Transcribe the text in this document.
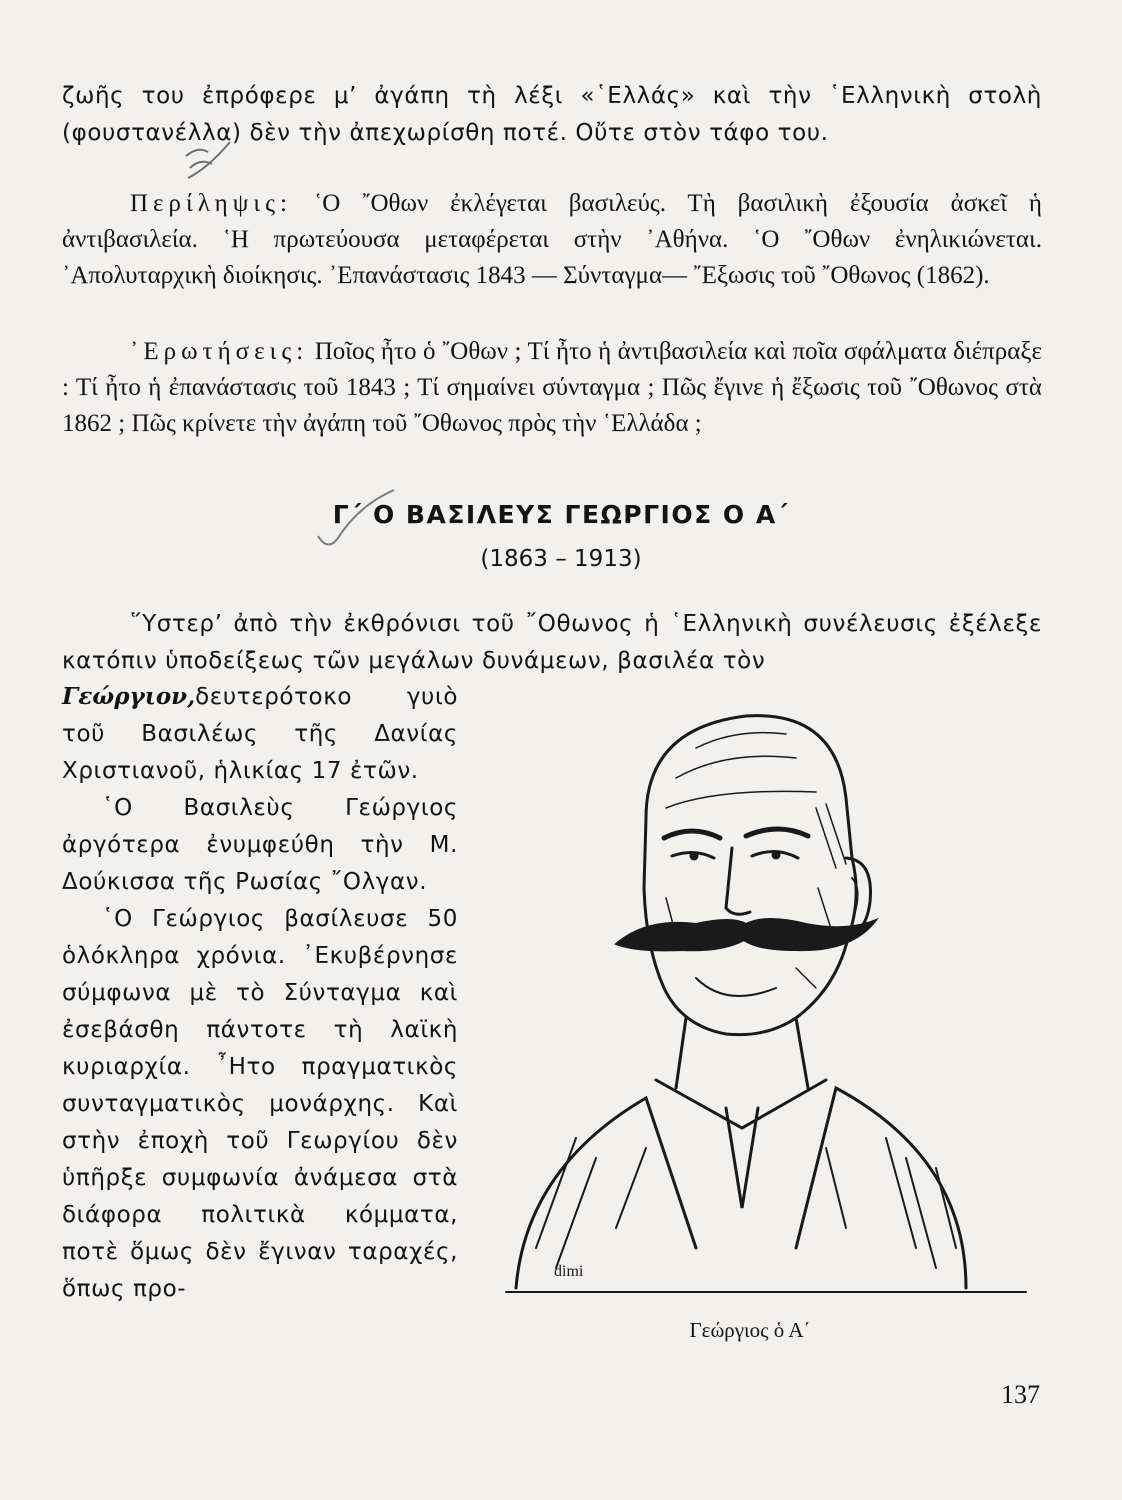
ζωῆς του ἐπρόφερε μ’ ἀγάπη τὴ λέξι «῾Ελλάς» καὶ τὴν ῾Ελληνικὴ στολὴ (φουστανέλλα) δὲν τὴν ἀπεχωρίσθη ποτέ. Οὔτε στὸν τάφο του.

Περίληψις: ῾Ο ῎Οθων ἐκλέγεται βασιλεύς. Τὴ βασιλικὴ ἐξουσία ἀσκεῖ ἡ ἀντιβασιλεία. ῾Η πρωτεύουσα μεταφέρεται στὴν ᾿Αθήνα. ῾Ο ῎Οθων ἐνηλικιώνεται. ᾿Απολυταρχικὴ διοίκησις. ᾿Επανάστασις 1843 — Σύνταγμα— ῎Εξωσις τοῦ ῎Οθωνος (1862).

᾿Ερωτήσεις: Ποῖος ἦτο ὁ ῎Οθων ; Τί ἦτο ἡ ἀντιβασιλεία καὶ ποῖα σφάλματα διέπραξε : Τί ἦτο ἡ ἐπανάστασις τοῦ 1843 ; Τί σημαίνει σύνταγμα ; Πῶς ἔγινε ἡ ἔξωσις τοῦ ῎Οθωνος στὰ 1862 ; Πῶς κρίνετε τὴν ἀγάπη τοῦ ῎Οθωνος πρὸς τὴν ῾Ελλάδα ;

Γ΄ Ο ΒΑΣΙΛΕΥΣ ΓΕΩΡΓΙΟΣ Ο Α΄

(1863 – 1913)

῞Υστερ’ ἀπὸ τὴν ἐκθρόνισι τοῦ ῎Οθωνος ἡ ῾Ελληνικὴ συνέλευσις ἐξέλεξε κατόπιν ὑποδείξεως τῶν μεγάλων δυνάμεων, βασιλέα τὸν

Γεώργιον,δευτερότοκο γυιὸ τοῦ Βασιλέως τῆς Δανίας Χριστιανοῦ, ἡλικίας 17 ἐτῶν.

῾Ο Βασιλεὺς Γεώργιος ἀργότερα ἐνυμφεύθη τὴν Μ. Δούκισσα τῆς Ρωσίας ῎Ολγαν.

῾Ο Γεώργιος βασίλευσε 50 ὁλόκληρα χρόνια. ᾿Εκυβέρνησε σύμφωνα μὲ τὸ Σύνταγμα καὶ ἐσεβάσθη πάντοτε τὴ λαϊκὴ κυριαρχία. ῏Ητο πραγματικὸς συνταγματικὸς μονάρχης. Καὶ στὴν ἐποχὴ τοῦ Γεωργίου δὲν ὑπῆρξε συμφωνία ἀνάμεσα στὰ διάφορα πολιτικὰ κόμματα, ποτὲ ὅμως δὲν ἔγιναν ταραχές, ὅπως προ-

dimi

Γεώργιος ὁ Α΄

137
